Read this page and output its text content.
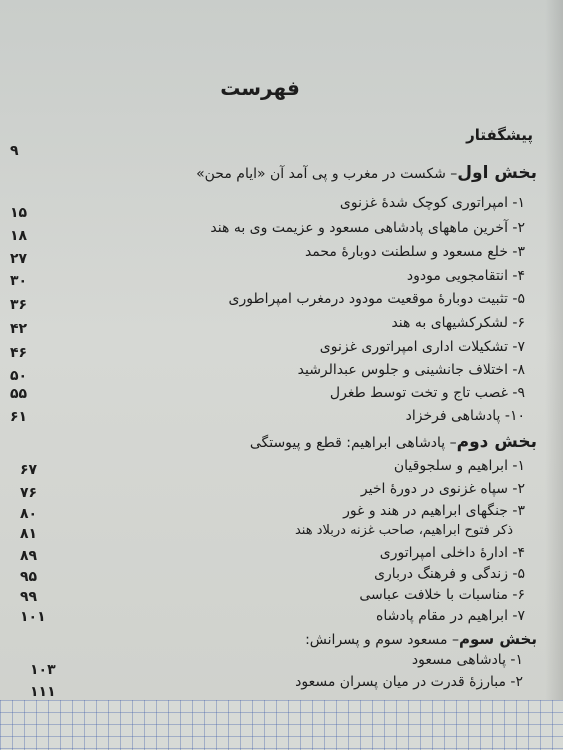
فهرست
پیشگفتار
۹
بخش اول– شکست در مغرب و پی آمد آن «ایام محن»
۱- امپراتوری کوچک شدهٔ غزنوی
۱۵
۲- آخرین ماههای پادشاهی مسعود و عزیمت وی به هند
۱۸
۳- خلع مسعود و سلطنت دوبارهٔ محمد
۲۷
۴- انتقامجویی مودود
۳۰
۵- تثبیت دوبارهٔ موقعیت مودود درمغرب امپراطوری
۳۶
۶- لشکرکشیهای به هند
۴۲
۷- تشکیلات اداری امپراتوری غزنوی
۴۶
۸- اختلاف جانشینی و جلوس عبدالرشید
۵۰
۹- غصب تاج و تخت توسط طغرل
۵۵
۱۰- پادشاهی فرخزاد
۶۱
بخش دوم– پادشاهی ابراهیم: قطع و پیوستگی
۱- ابراهیم و سلجوقیان
۶۷
۲- سپاه غزنوی در دورهٔ اخیر
۷۶
۳- جنگهای ابراهیم در هند و غور
۸۰
ذکر فتوح ابراهیم، صاحب غزنه دربلاد هند
۸۱
۴- ادارهٔ داخلی امپراتوری
۸۹
۵- زندگی و فرهنگ درباری
۹۵
۶- مناسبات با خلافت عباسی
۹۹
۷- ابراهیم در مقام پادشاه
۱۰۱
بخش سوم– مسعود سوم و پسرانش:
۱- پادشاهی مسعود
۱۰۳
۲- مبارزهٔ قدرت در میان پسران مسعود
۱۱۱
